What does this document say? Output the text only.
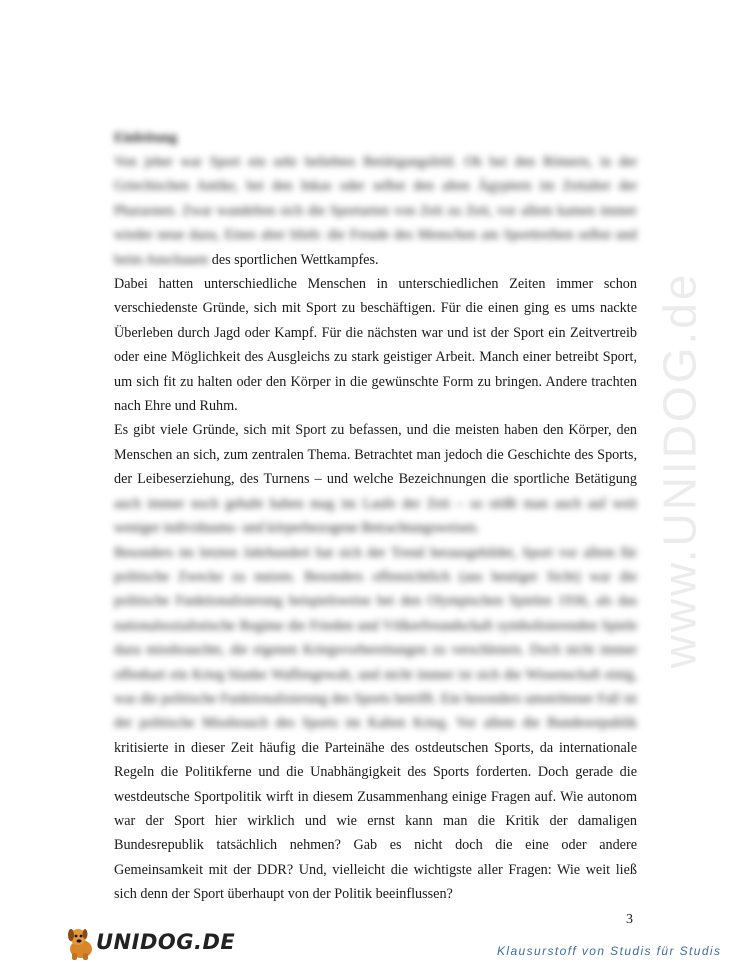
www.UNIDOG.de

Einleitung

Von jeher war Sport ein sehr beliebtes Betätigungsfeld. Ob bei den Römern, in der Griechischen Antike, bei den Inkas oder selbst den alten Ägyptern im Zeitalter der Pharaonen. Zwar wandelten sich die Sportarten von Zeit zu Zeit, vor allem kamen immer wieder neue dazu, Eines aber blieb: die Freude des Menschen am Sporttreiben selbst und beim Anschauen des sportlichen Wettkampfes.

Dabei hatten unterschiedliche Menschen in unterschiedlichen Zeiten immer schon verschiedenste Gründe, sich mit Sport zu beschäftigen. Für die einen ging es ums nackte Überleben durch Jagd oder Kampf. Für die nächsten war und ist der Sport ein Zeitvertreib oder eine Möglichkeit des Ausgleichs zu stark geistiger Arbeit. Manch einer betreibt Sport, um sich fit zu halten oder den Körper in die gewünschte Form zu bringen. Andere trachten nach Ehre und Ruhm.

Es gibt viele Gründe, sich mit Sport zu befassen, und die meisten haben den Körper, den Menschen an sich, zum zentralen Thema. Betrachtet man jedoch die Geschichte des Sports, der Leibeserziehung, des Turnens – und welche Bezeichnungen die sportliche Betätigung auch immer noch gehabt haben mag im Laufe der Zeit – so stößt man auch auf weit weniger individuums- und körperbezogene Betrachtungsweisen.

Besonders im letzten Jahrhundert hat sich der Trend herausgebildet, Sport vor allem für politische Zwecke zu nutzen. Besonders offensichtlich (aus heutiger Sicht) war die politische Funktionalisierung beispielsweise bei den Olympischen Spielen 1936, als das nationalsozialistische Regime die Frieden und Völkerfreundschaft symbolisierenden Spiele dazu missbrauchte, die eigenen Kriegsvorbereitungen zu verschleiern. Doch nicht immer offenbart ein Krieg blanke Waffengewalt, und nicht immer ist sich die Wissenschaft einig, was die politische Funktionalisierung des Sports betrifft. Ein besonders umstrittener Fall ist der politische Missbrauch des Sports im Kalten Krieg. Vor allem die Bundesrepublik kritisierte in dieser Zeit häufig die Parteinähe des ostdeutschen Sports, da internationale Regeln die Politikferne und die Unabhängigkeit des Sports forderten. Doch gerade die westdeutsche Sportpolitik wirft in diesem Zusammenhang einige Fragen auf. Wie autonom war der Sport hier wirklich und wie ernst kann man die Kritik der damaligen Bundesrepublik tatsächlich nehmen? Gab es nicht doch die eine oder andere Gemeinsamkeit mit der DDR? Und, vielleicht die wichtigste aller Fragen: Wie weit ließ sich denn der Sport überhaupt von der Politik beeinflussen?

3
UNIDOG.DE	Klausurstoff von Studis für Studis
